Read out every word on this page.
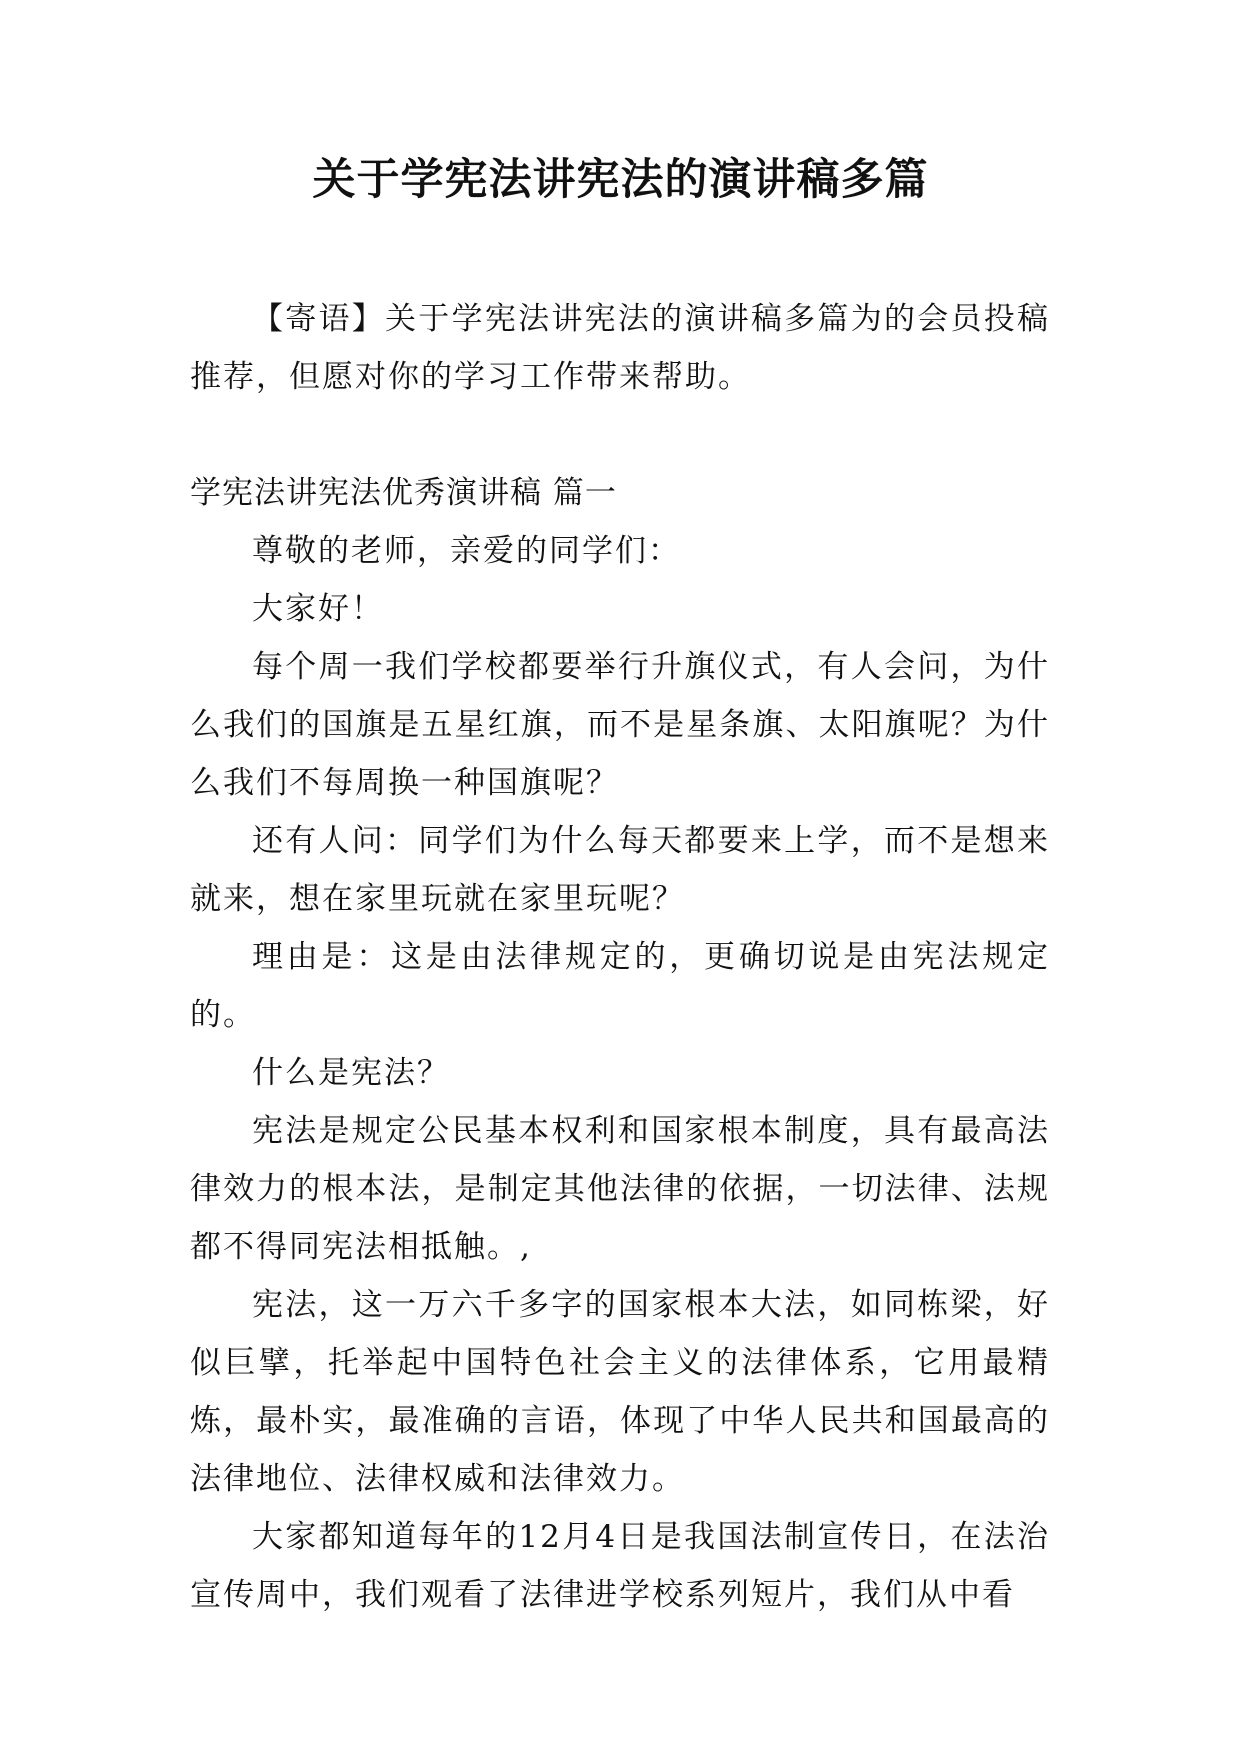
关于学宪法讲宪法的演讲稿多篇

【寄语】关于学宪法讲宪法的演讲稿多篇为的会员投稿推荐，但愿对你的学习工作带来帮助。

学宪法讲宪法优秀演讲稿 篇一

尊敬的老师，亲爱的同学们：

大家好！

每个周一我们学校都要举行升旗仪式，有人会问，为什么我们的国旗是五星红旗，而不是星条旗、太阳旗呢？为什么我们不每周换一种国旗呢？

还有人问：同学们为什么每天都要来上学，而不是想来就来，想在家里玩就在家里玩呢？

理由是：这是由法律规定的，更确切说是由宪法规定的。

什么是宪法？

宪法是规定公民基本权利和国家根本制度，具有最高法律效力的根本法，是制定其他法律的依据，一切法律、法规都不得同宪法相抵触。,

宪法，这一万六千多字的国家根本大法，如同栋梁，好似巨擘，托举起中国特色社会主义的法律体系，它用最精炼，最朴实，最准确的言语，体现了中华人民共和国最高的法律地位、法律权威和法律效力。

大家都知道每年的12月4日是我国法制宣传日，在法治宣传周中，我们观看了法律进学校系列短片，我们从中看
